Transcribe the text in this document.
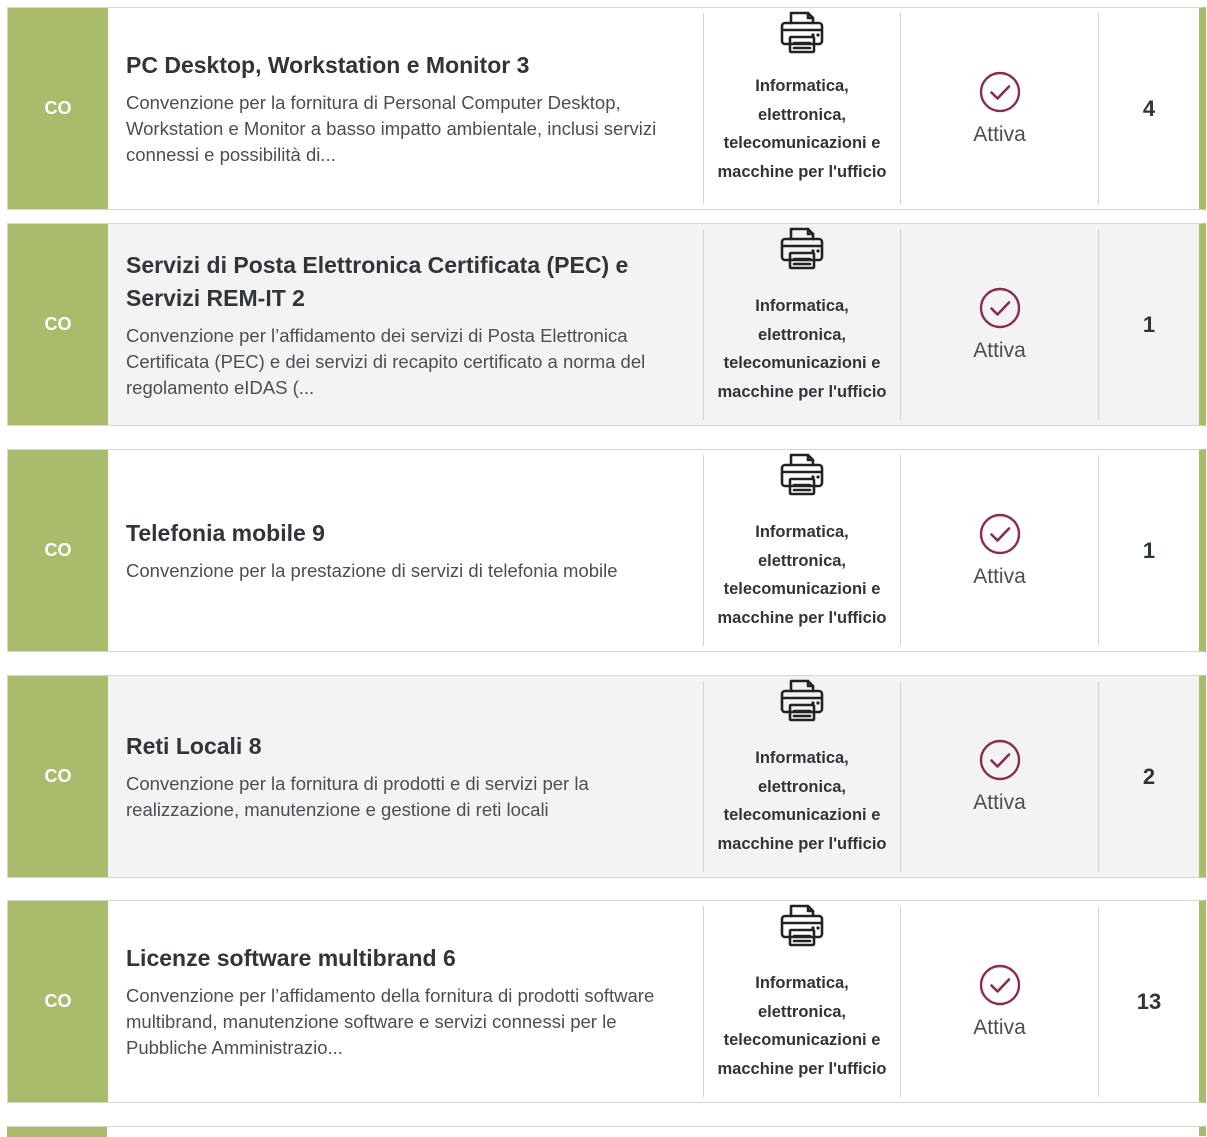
CO
PC Desktop, Workstation e Monitor 3
Convenzione per la fornitura di Personal Computer Desktop, Workstation e Monitor a basso impatto ambientale, inclusi servizi connessi e possibilità di...
Informatica, elettronica, telecomunicazioni e macchine per l'ufficio
Attiva
4
CO
Servizi di Posta Elettronica Certificata (PEC) e Servizi REM-IT 2
Convenzione per l’affidamento dei servizi di Posta Elettronica Certificata (PEC) e dei servizi di recapito certificato a norma del regolamento eIDAS (...
Informatica, elettronica, telecomunicazioni e macchine per l'ufficio
Attiva
1
CO
Telefonia mobile 9
Convenzione per la prestazione di servizi di telefonia mobile
Informatica, elettronica, telecomunicazioni e macchine per l'ufficio
Attiva
1
CO
Reti Locali 8
Convenzione per la fornitura di prodotti e di servizi per la realizzazione, manutenzione e gestione di reti locali
Informatica, elettronica, telecomunicazioni e macchine per l'ufficio
Attiva
2
CO
Licenze software multibrand 6
Convenzione per l’affidamento della fornitura di prodotti software multibrand, manutenzione software e servizi connessi per le Pubbliche Amministrazio...
Informatica, elettronica, telecomunicazioni e macchine per l'ufficio
Attiva
13
